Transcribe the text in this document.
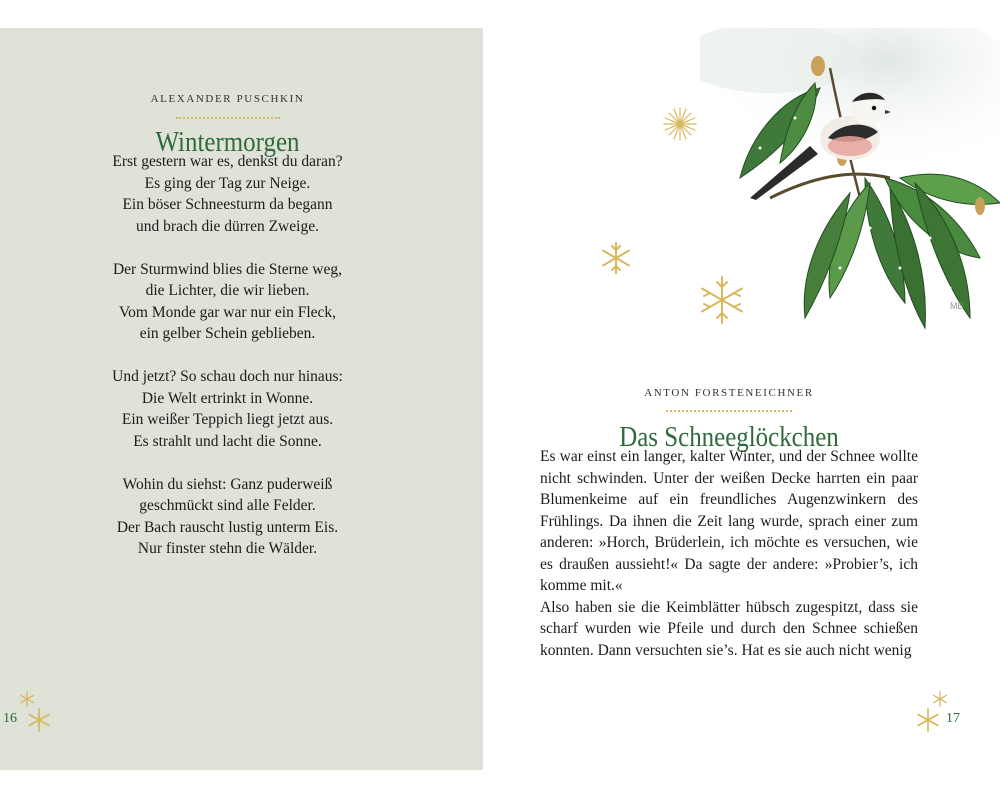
ALEXANDER PUSCHKIN
Wintermorgen
Erst gestern war es, denkst du daran?
Es ging der Tag zur Neige.
Ein böser Schneesturm da begann
und brach die dürren Zweige.
Der Sturmwind blies die Sterne weg,
die Lichter, die wir lieben.
Vom Monde gar war nur ein Fleck,
ein gelber Schein geblieben.
Und jetzt? So schau doch nur hinaus:
Die Welt ertrinkt in Wonne.
Ein weißer Teppich liegt jetzt aus.
Es strahlt und lacht die Sonne.
Wohin du siehst: Ganz puderweiß
geschmückt sind alle Felder.
Der Bach rauscht lustig unterm Eis.
Nur finster stehn die Wälder.
16
MB
ANTON FORSTENEICHNER
Das Schneeglöckchen

Es war einst ein langer, kalter Winter, und der Schnee wollte nicht schwinden. Unter der weißen Decke harrten ein paar Blumenkeime auf ein freundliches Augenzwinkern des Frühlings. Da ihnen die Zeit lang wurde, sprach einer zum anderen: »Horch, Brüderlein, ich möchte es versuchen, wie es draußen aussieht!« Da sagte der andere: »Probier’s, ich komme mit.«

Also haben sie die Keimblätter hübsch zugespitzt, dass sie scharf wurden wie Pfeile und durch den Schnee schießen konnten. Dann versuchten sie’s. Hat es sie auch nicht wenig

17
